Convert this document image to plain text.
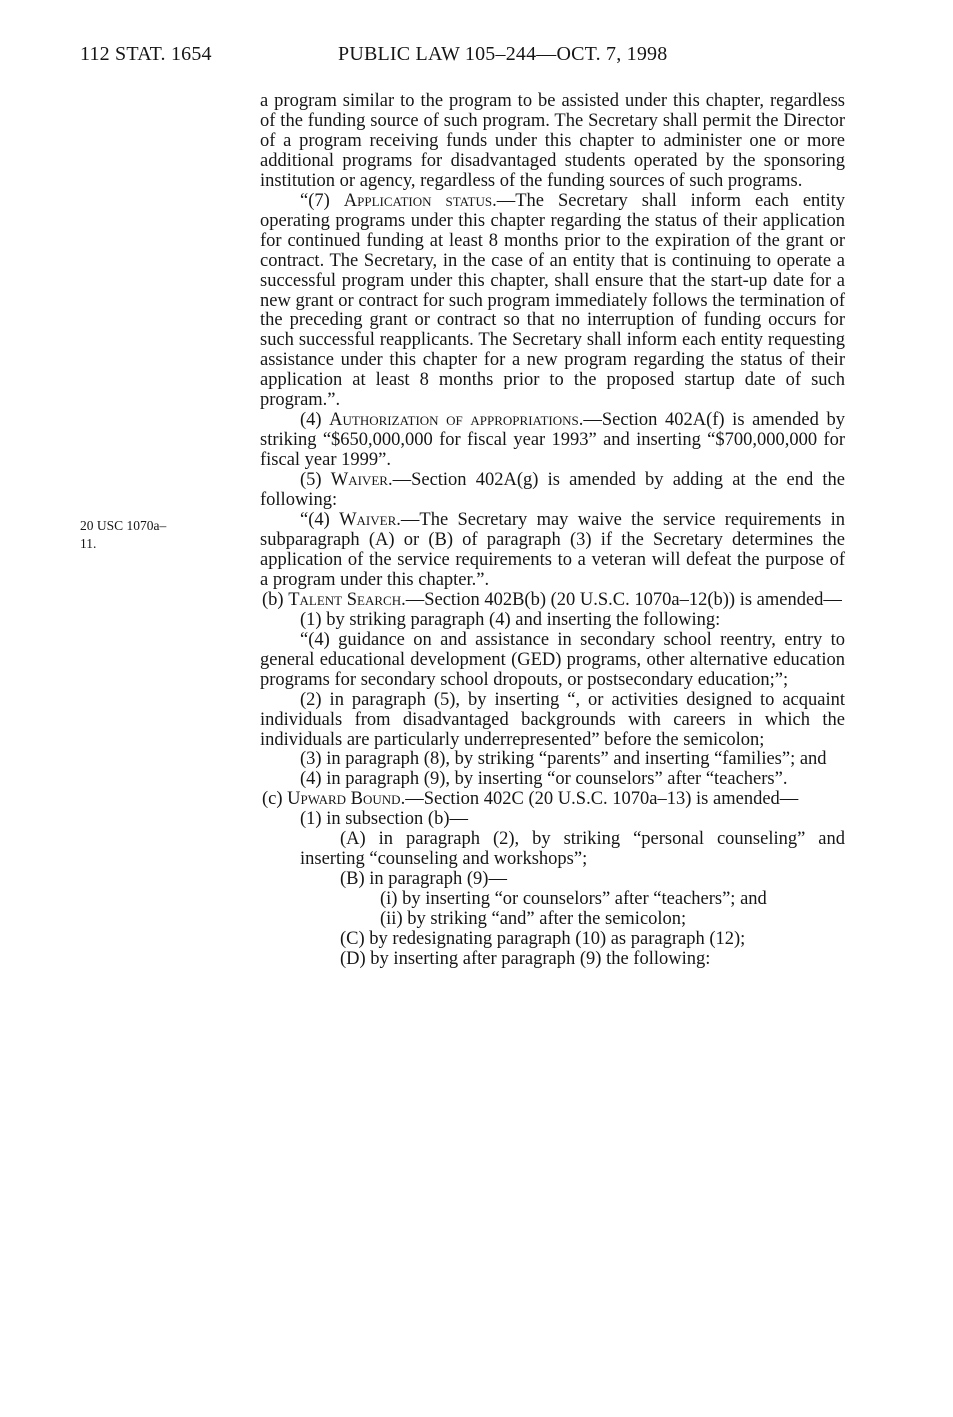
112 STAT. 1654	PUBLIC LAW 105–244—OCT. 7, 1998
20 USC 1070a–
11.

a program similar to the program to be assisted under this chapter, regardless of the funding source of such program. The Secretary shall permit the Director of a program receiving funds under this chapter to administer one or more additional programs for disadvantaged students operated by the sponsoring institution or agency, regardless of the funding sources of such programs.

“(7) Application status.—The Secretary shall inform each entity operating programs under this chapter regarding the status of their application for continued funding at least 8 months prior to the expiration of the grant or contract. The Secretary, in the case of an entity that is continuing to operate a successful program under this chapter, shall ensure that the start-up date for a new grant or contract for such program immediately follows the termination of the preceding grant or contract so that no interruption of funding occurs for such successful reapplicants. The Secretary shall inform each entity requesting assistance under this chapter for a new program regarding the status of their application at least 8 months prior to the proposed startup date of such program.”.

(4) Authorization of appropriations.—Section 402A(f) is amended by striking “$650,000,000 for fiscal year 1993” and inserting “$700,000,000 for fiscal year 1999”.

(5) Waiver.—Section 402A(g) is amended by adding at the end the following:

“(4) Waiver.—The Secretary may waive the service requirements in subparagraph (A) or (B) of paragraph (3) if the Secretary determines the application of the service requirements to a veteran will defeat the purpose of a program under this chapter.”.

(b) Talent Search.—Section 402B(b) (20 U.S.C. 1070a–12(b)) is amended—

(1) by striking paragraph (4) and inserting the following:

“(4) guidance on and assistance in secondary school reentry, entry to general educational development (GED) programs, other alternative education programs for secondary school dropouts, or postsecondary education;”;

(2) in paragraph (5), by inserting “, or activities designed to acquaint individuals from disadvantaged backgrounds with careers in which the individuals are particularly underrepresented” before the semicolon;

(3) in paragraph (8), by striking “parents” and inserting “families”; and

(4) in paragraph (9), by inserting “or counselors” after “teachers”.

(c) Upward Bound.—Section 402C (20 U.S.C. 1070a–13) is amended—

(1) in subsection (b)—

(A) in paragraph (2), by striking “personal counseling” and inserting “counseling and workshops”;

(B) in paragraph (9)—

(i) by inserting “or counselors” after “teachers”; and

(ii) by striking “and” after the semicolon;

(C) by redesignating paragraph (10) as paragraph (12);

(D) by inserting after paragraph (9) the following:
